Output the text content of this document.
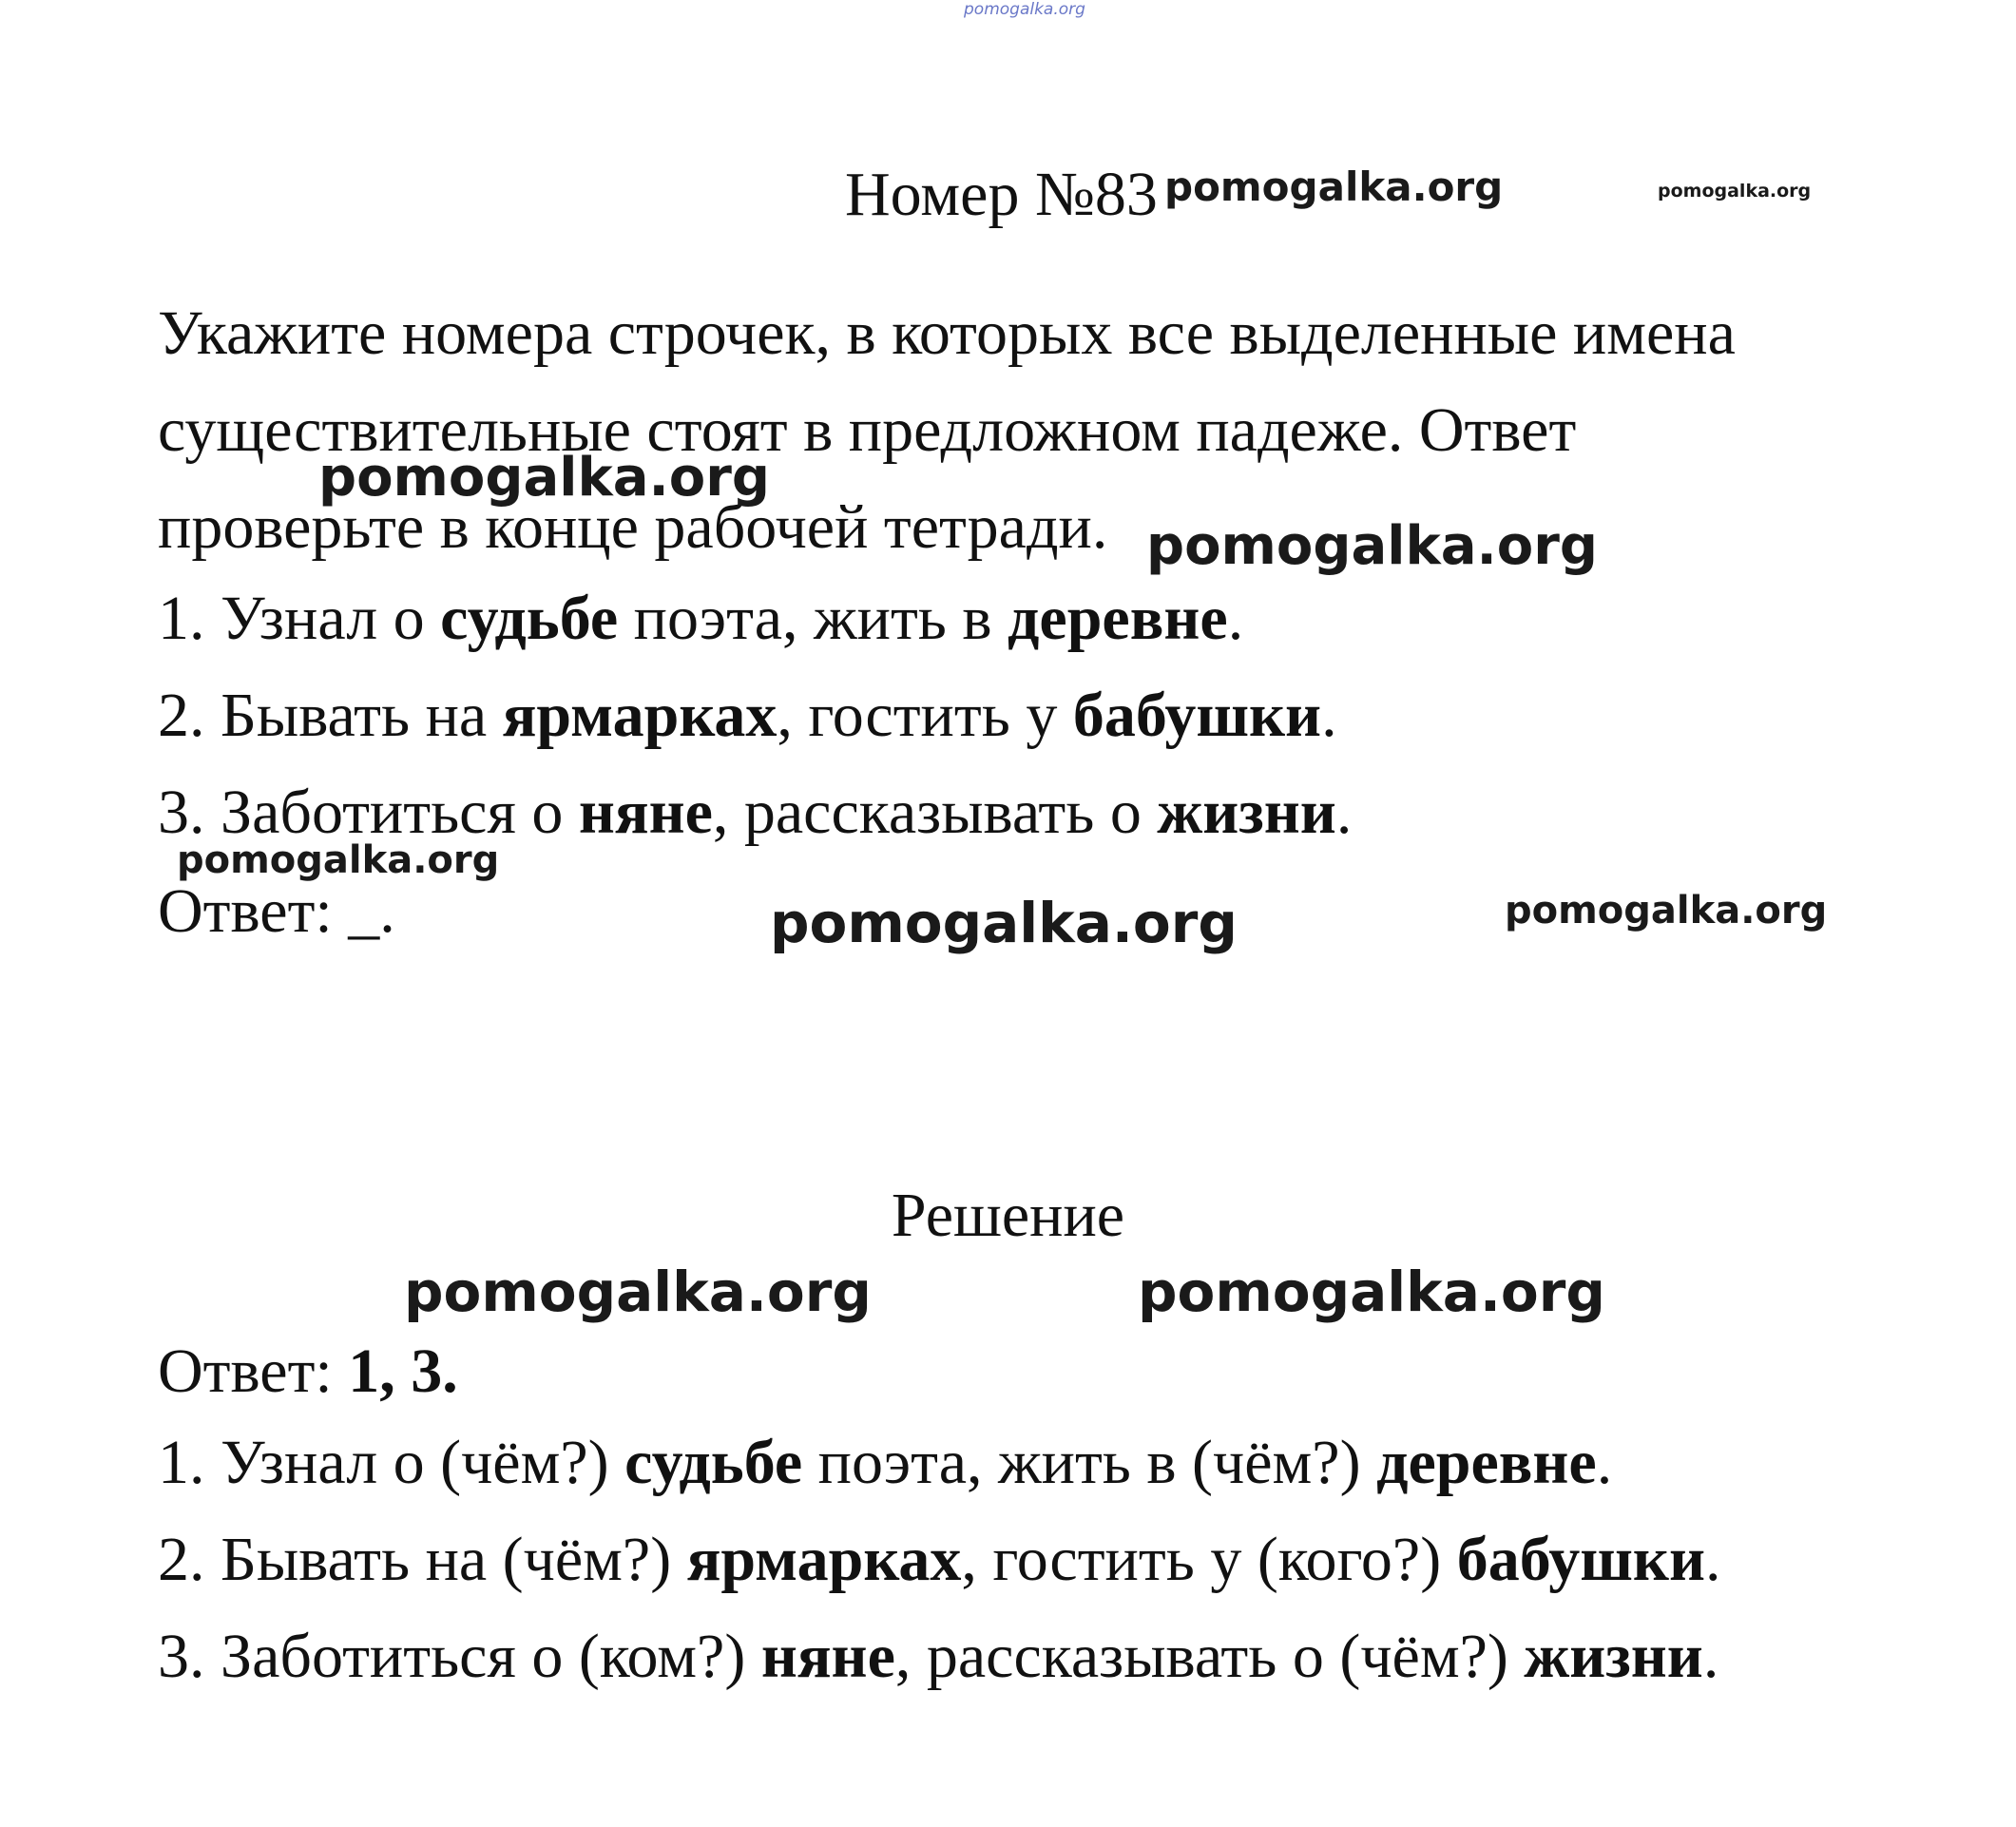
pomogalka.org
Номер №83 pomogalka.org	pomogalka.org
Укажите номера строчек, в которых все выделенные имена
существительные стоят в предложном падеже. Ответ
проверьте в конце рабочей тетради.
pomogalka.org
pomogalka.org
1. Узнал о судьбе поэта, жить в деревне.
2. Бывать на ярмарках, гостить у бабушки.
3. Заботиться о няне, рассказывать о жизни.
pomogalka.org
Ответ: _.	pomogalka.org	pomogalka.org
Решение
pomogalka.org	pomogalka.org
Ответ: 1, 3.
1. Узнал о (чём?) судьбе поэта, жить в (чём?) деревне.
2. Бывать на (чём?) ярмарках, гостить у (кого?) бабушки.
3. Заботиться о (ком?) няне, рассказывать о (чём?) жизни.
